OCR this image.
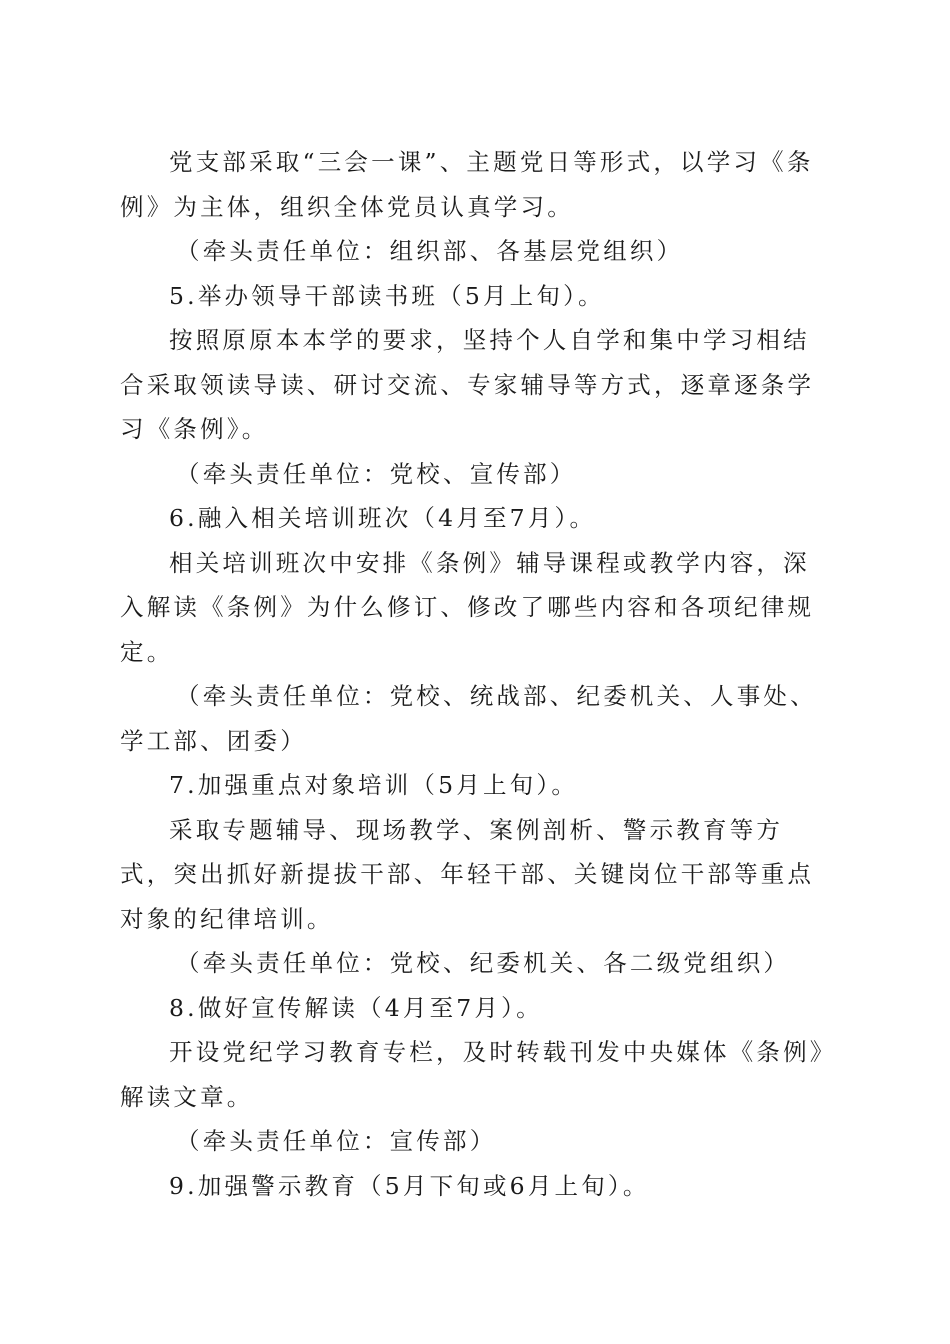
党支部采取“三会一课”、主题党日等形式，以学习《条例》为主体，组织全体党员认真学习。

（牵头责任单位：组织部、各基层党组织）

5.举办领导干部读书班（5月上旬）。

按照原原本本学的要求，坚持个人自学和集中学习相结合采取领读导读、研讨交流、专家辅导等方式，逐章逐条学习《条例》。

（牵头责任单位：党校、宣传部）

6.融入相关培训班次（4月至7月）。

相关培训班次中安排《条例》辅导课程或教学内容，深入解读《条例》为什么修订、修改了哪些内容和各项纪律规定。

（牵头责任单位：党校、统战部、纪委机关、人事处、学工部、团委）

7.加强重点对象培训（5月上旬）。

采取专题辅导、现场教学、案例剖析、警示教育等方式，突出抓好新提拔干部、年轻干部、关键岗位干部等重点对象的纪律培训。

（牵头责任单位：党校、纪委机关、各二级党组织）

8.做好宣传解读（4月至7月）。

开设党纪学习教育专栏，及时转载刊发中央媒体《条例》解读文章。

（牵头责任单位：宣传部）

9.加强警示教育（5月下旬或6月上旬）。
